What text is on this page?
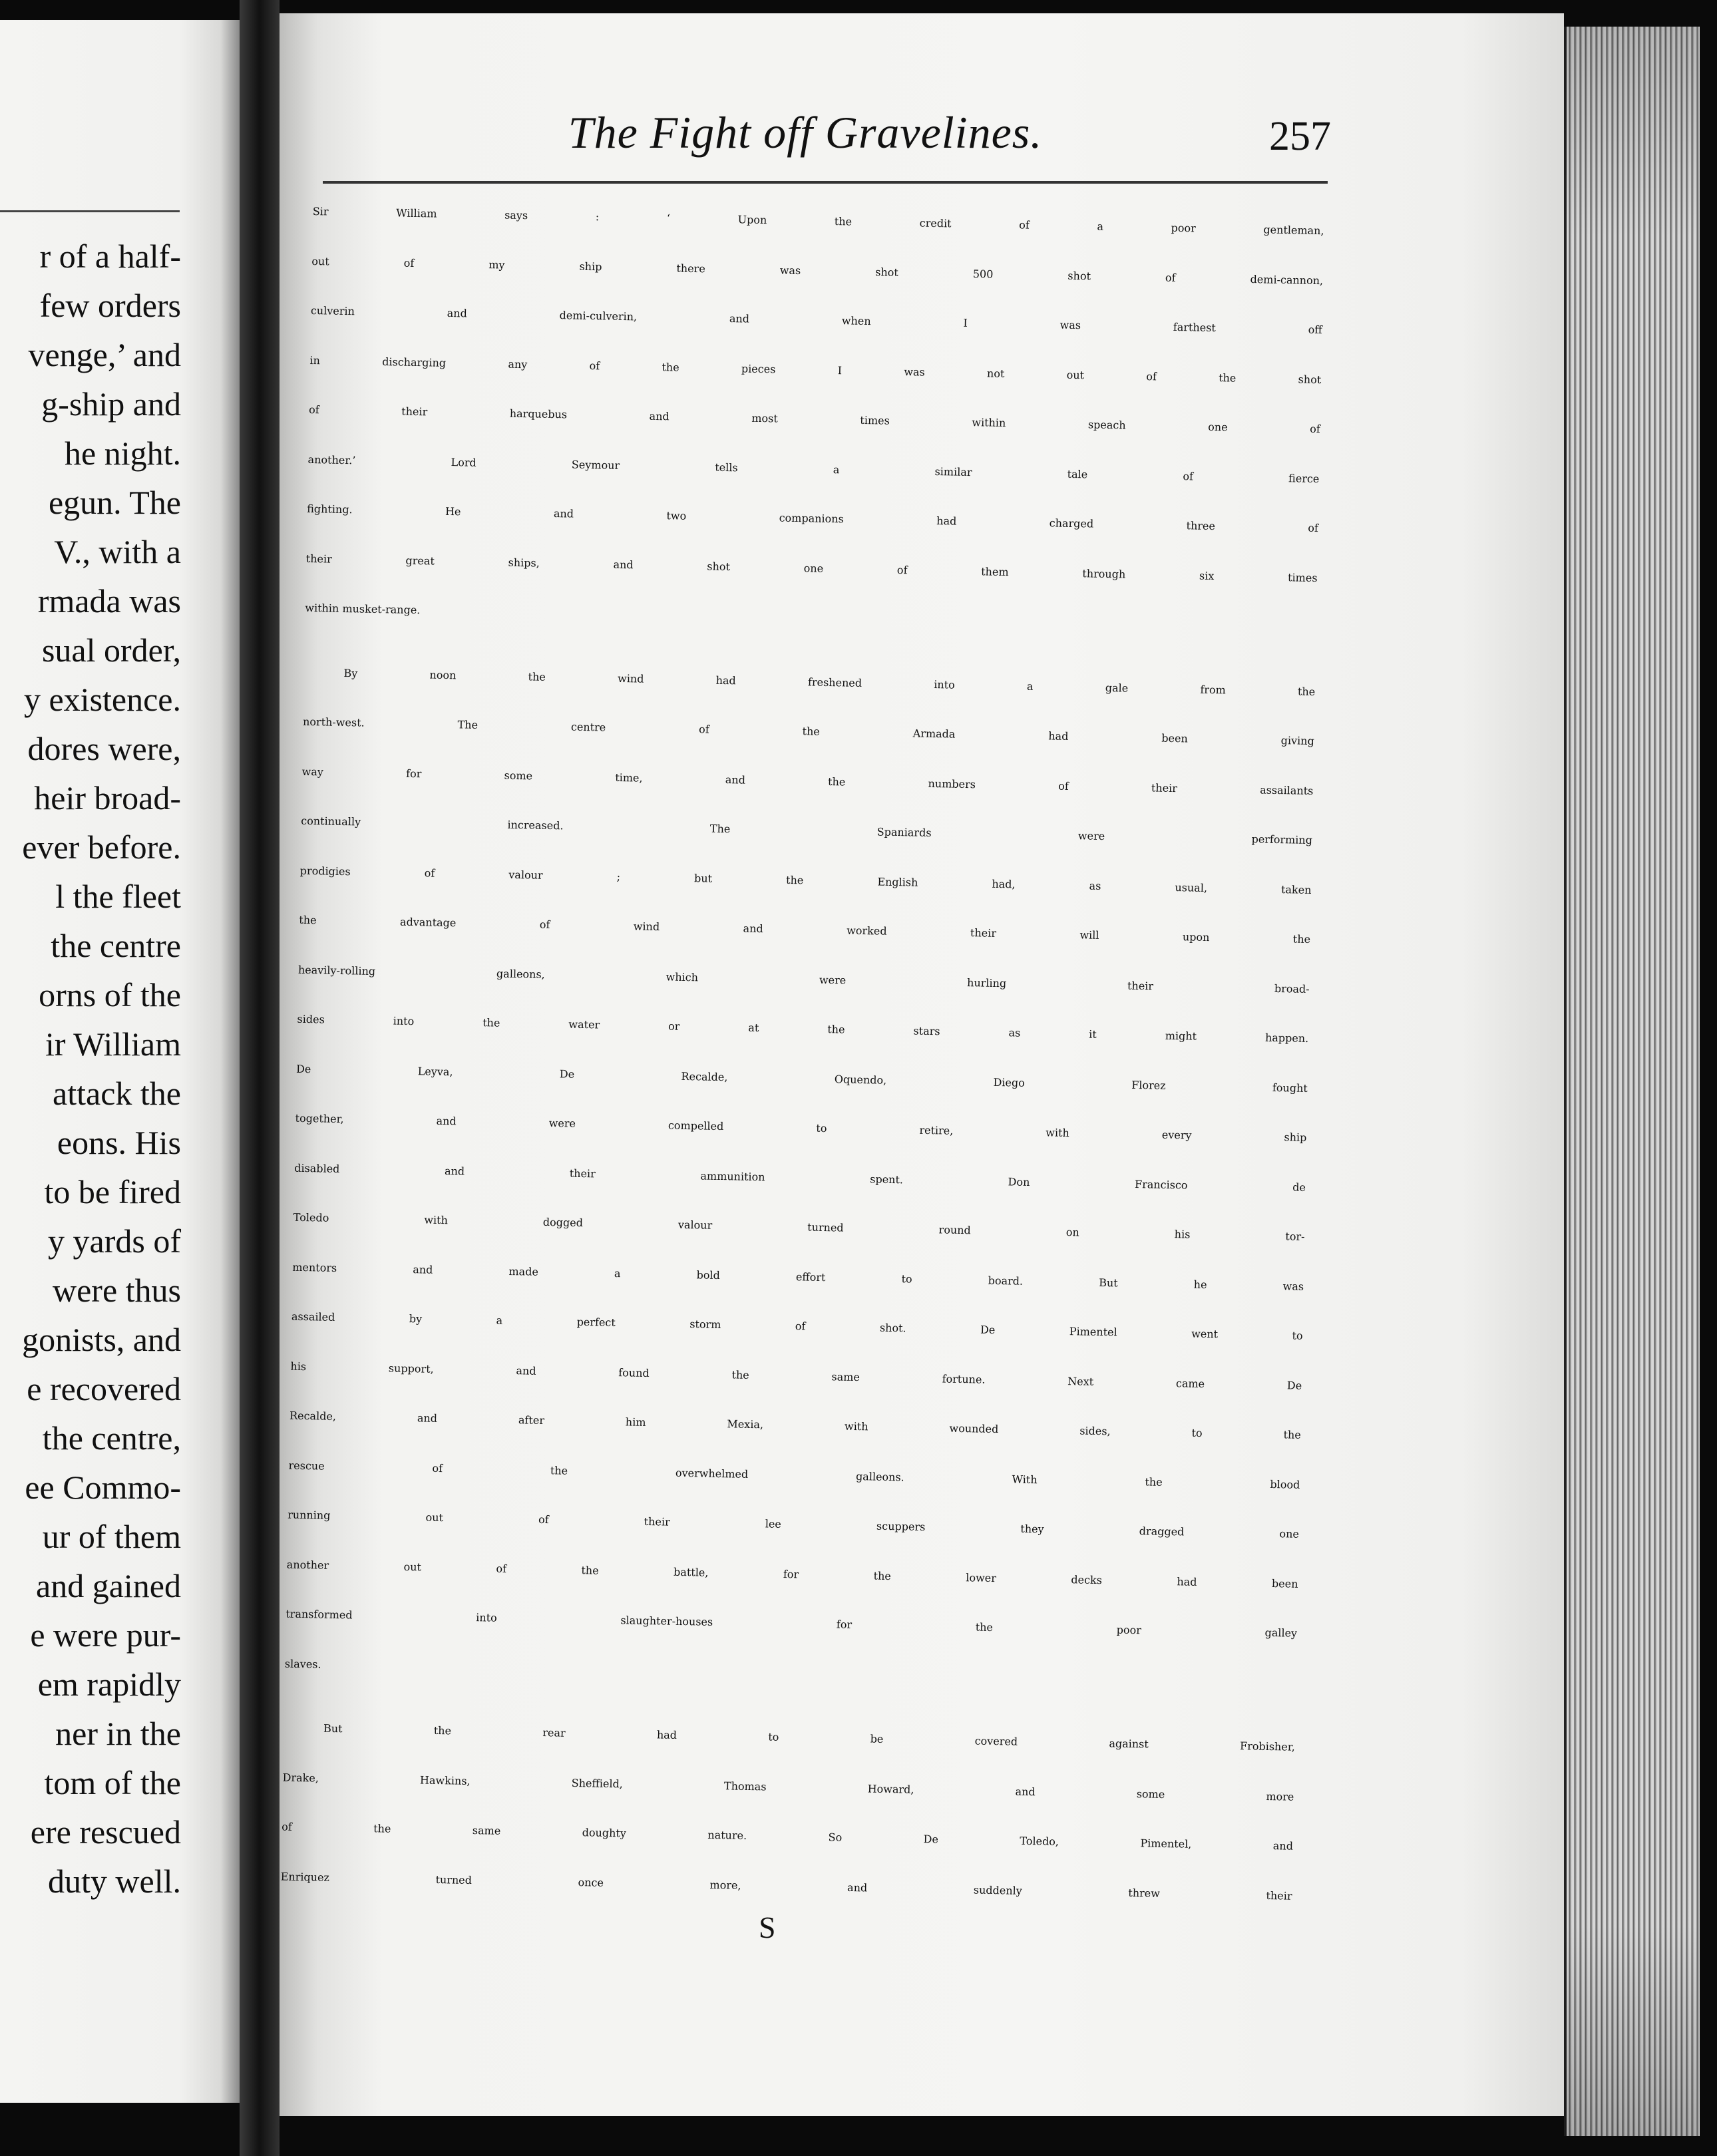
r of a half-
few orders
venge,’ and
g-ship and
he night.
egun. The
V., with a
rmada was
sual order,
y existence.
dores were,
heir broad-
ever before.
l the fleet
the centre
orns of the
ir William
attack the
eons. His
to be fired
y yards of
were thus
gonists, and
e recovered
the centre,
ee Commo-
ur of them
and gained
e were pur-
em rapidly
ner in the
tom of the
ere rescued
duty well.
The Fight off Gravelines.	257
Sir William says : ‘ Upon the credit of a poor gentleman,
out of my ship there was shot 500 shot of demi-cannon,
culverin and demi-culverin, and when I was farthest off
in discharging any of the pieces I was not out of the shot
of their harquebus and most times within speach one of
another.’ Lord Seymour tells a similar tale of fierce
fighting. He and two companions had charged three of
their great ships, and shot one of them through six times
within musket-range.
By noon the wind had freshened into a gale from the
north-west. The centre of the Armada had been giving
way for some time, and the numbers of their assailants
continually increased. The Spaniards were performing
prodigies of valour ; but the English had, as usual, taken
the advantage of wind and worked their will upon the
heavily-rolling galleons, which were hurling their broad-
sides into the water or at the stars as it might happen.
De Leyva, De Recalde, Oquendo, Diego Florez fought
together, and were compelled to retire, with every ship
disabled and their ammunition spent. Don Francisco de
Toledo with dogged valour turned round on his tor-
mentors and made a bold effort to board. But he was
assailed by a perfect storm of shot. De Pimentel went to
his support, and found the same fortune. Next came De
Recalde, and after him Mexia, with wounded sides, to the
rescue of the overwhelmed galleons. With the blood
running out of their lee scuppers they dragged one
another out of the battle, for the lower decks had been
transformed into slaughter-houses for the poor galley
slaves.
But the rear had to be covered against Frobisher,
Drake, Hawkins, Sheffield, Thomas Howard, and some more
of the same doughty nature. So De Toledo, Pimentel, and
Enriquez turned once more, and suddenly threw their
S
